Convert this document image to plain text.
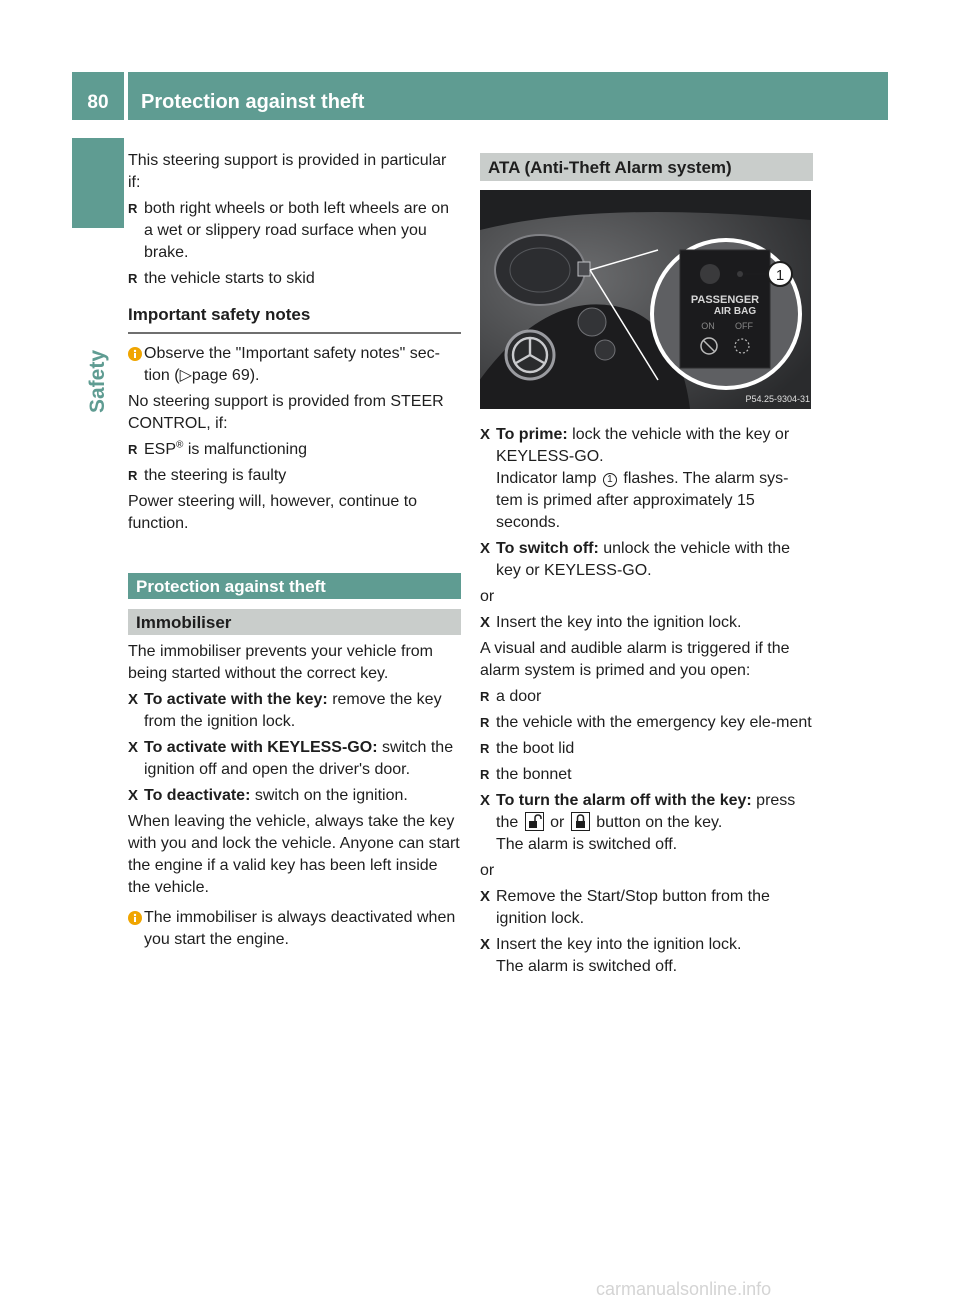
80	Protection against theft
Safety

This steering support is provided in particular if:

R both right wheels or both left wheels are on a wet or slippery road surface when you brake.
R the vehicle starts to skid
Important safety notes
Observe the "Important safety notes" sec-tion (▷page 69).

No steering support is provided from STEER CONTROL, if:

R ESP® is malfunctioning
R the steering is faulty

Power steering will, however, continue to function.

Protection against theft
Immobiliser

The immobiliser prevents your vehicle from being started without the correct key.

X To activate with the key: remove the key from the ignition lock.
X To activate with KEYLESS-GO: switch the ignition off and open the driver's door.
X To deactivate: switch on the ignition.

When leaving the vehicle, always take the key with you and lock the vehicle. Anyone can start the engine if a valid key has been left inside the vehicle.

The immobiliser is always deactivated when you start the engine.
ATA (Anti-Theft Alarm system)
PASSENGER
AIR BAG
ON OFF
1
P54.25-9304-31
X To prime: lock the vehicle with the key or KEYLESS-GO.
Indicator lamp 1 flashes. The alarm sys-tem is primed after approximately 15 seconds.
X To switch off: unlock the vehicle with the key or KEYLESS-GO.

or

X Insert the key into the ignition lock.

A visual and audible alarm is triggered if the alarm system is primed and you open:

R a door
R the vehicle with the emergency key ele-ment
R the boot lid
R the bonnet
X To turn the alarm off with the key: press the  or  button on the key.
The alarm is switched off.

or

X Remove the Start/Stop button from the ignition lock.
X Insert the key into the ignition lock.
The alarm is switched off.
carmanualsonline.info
